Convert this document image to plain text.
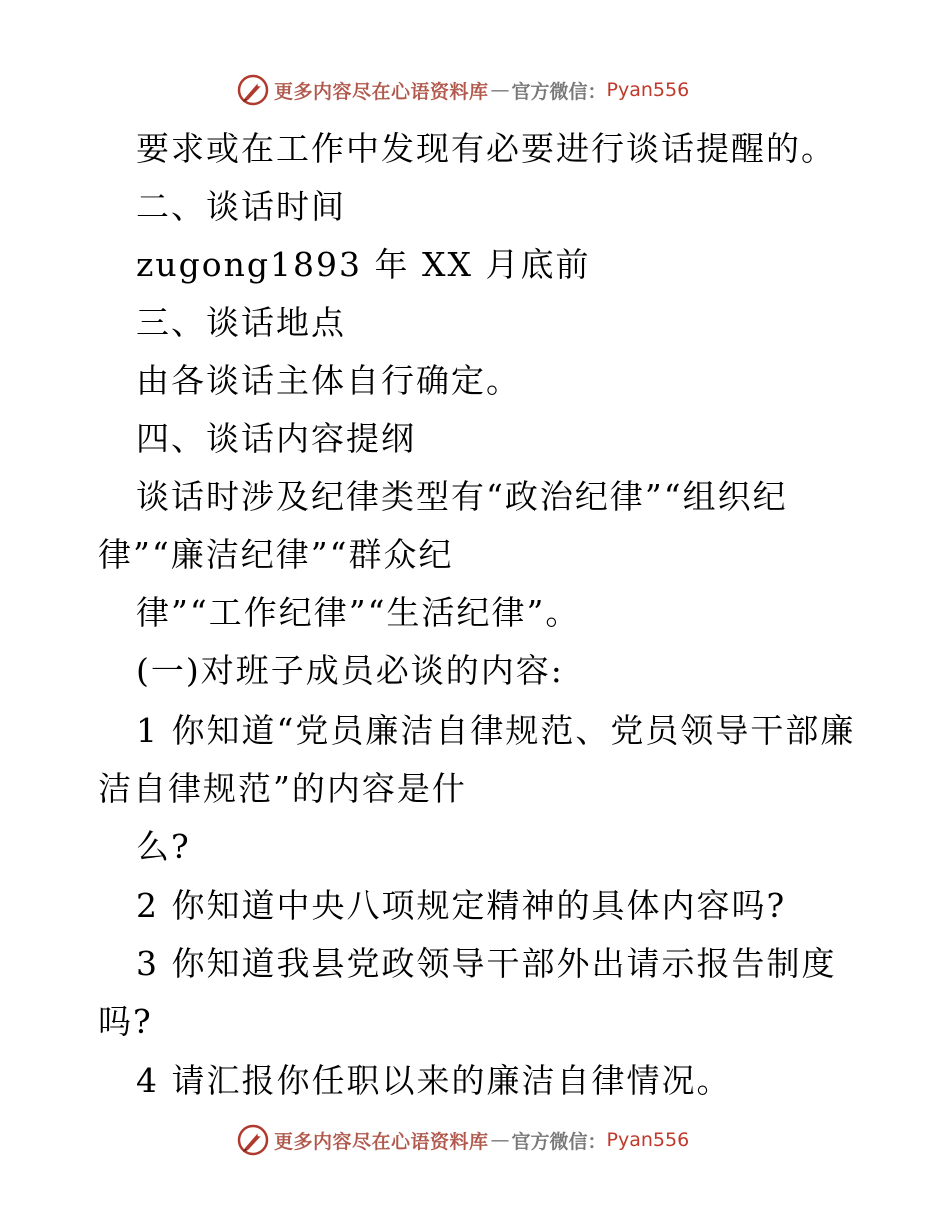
更多内容尽在心语资料库 — 官方微信： Pyan556
要求或在工作中发现有必要进行谈话提醒的。
二、谈话时间
zugong1893 年 XX 月底前
三、谈话地点
由各谈话主体自行确定。
四、谈话内容提纲
谈话时涉及纪律类型有“政治纪律”“组织纪
律”“廉洁纪律”“群众纪
律”“工作纪律”“生活纪律”。
(一)对班子成员必谈的内容:
1 你知道“党员廉洁自律规范、党员领导干部廉
洁自律规范”的内容是什
么?
2 你知道中央八项规定精神的具体内容吗?
3 你知道我县党政领导干部外出请示报告制度
吗?
4 请汇报你任职以来的廉洁自律情况。
更多内容尽在心语资料库 — 官方微信： Pyan556
